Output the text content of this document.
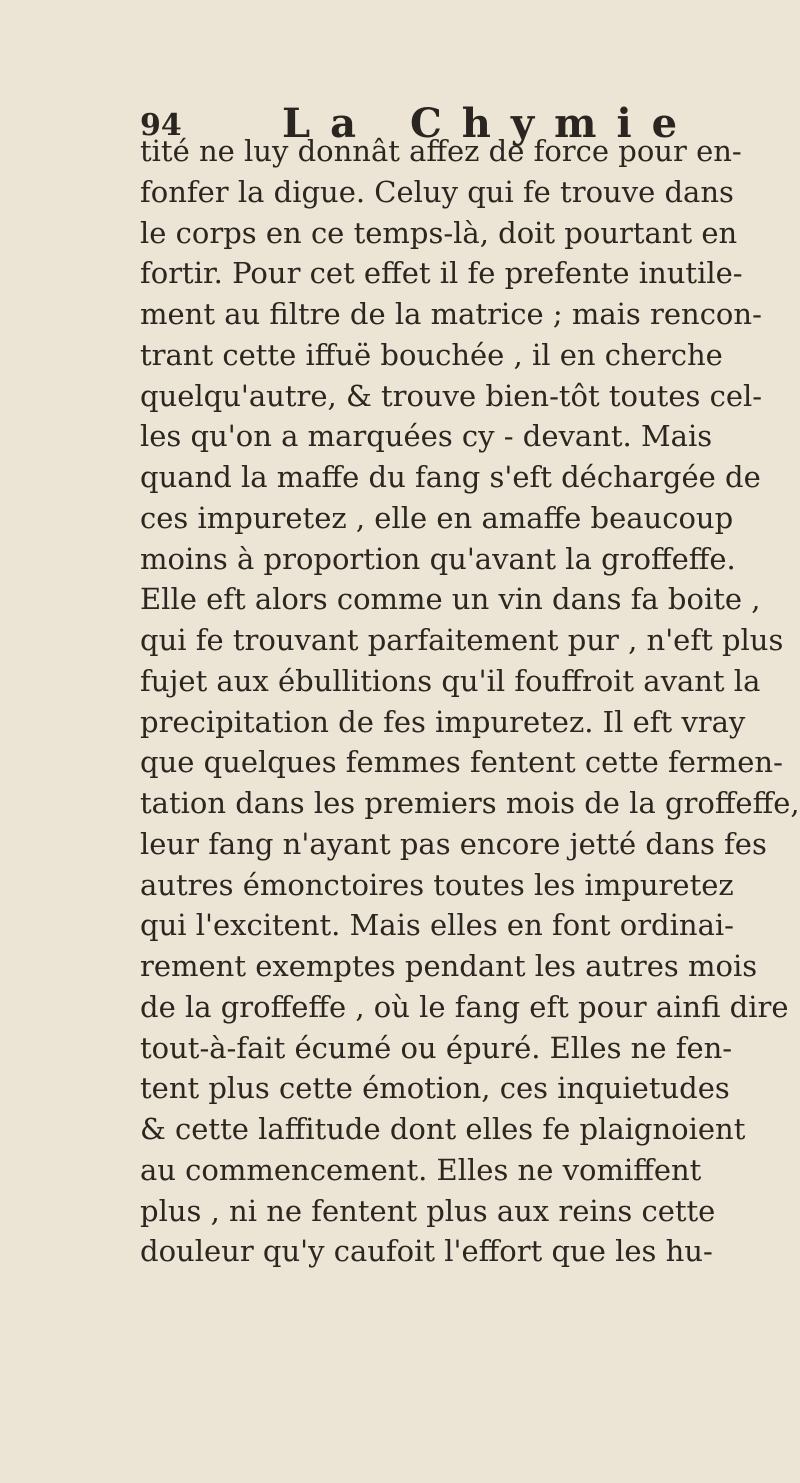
94	La Chymie
tité ne luy donnât affez de force pour en-
fonfer la digue. Celuy qui fe trouve dans
le corps en ce temps-là, doit pourtant en
fortir. Pour cet effet il fe prefente inutile-
ment au filtre de la matrice ; mais rencon-
trant cette iffuë bouchée , il en cherche
quelqu'autre, & trouve bien-tôt toutes cel-
les qu'on a marquées cy - devant. Mais
quand la maffe du fang s'eft déchargée de
ces impuretez , elle en amaffe beaucoup
moins à proportion qu'avant la groffeffe.
Elle eft alors comme un vin dans fa boite ,
qui fe trouvant parfaitement pur , n'eft plus
fujet aux ébullitions qu'il fouffroit avant la
precipitation de fes impuretez. Il eft vray
que quelques femmes fentent cette fermen-
tation dans les premiers mois de la groffeffe,
leur fang n'ayant pas encore jetté dans fes
autres émonctoires toutes les impuretez
qui l'excitent. Mais elles en font ordinai-
rement exemptes pendant les autres mois
de la groffeffe , où le fang eft pour ainfi dire
tout-à-fait écumé ou épuré. Elles ne fen-
tent plus cette émotion, ces inquietudes
& cette laffitude dont elles fe plaignoient
au commencement. Elles ne vomiffent
plus , ni ne fentent plus aux reins cette
douleur qu'y caufoit l'effort que les hu-
